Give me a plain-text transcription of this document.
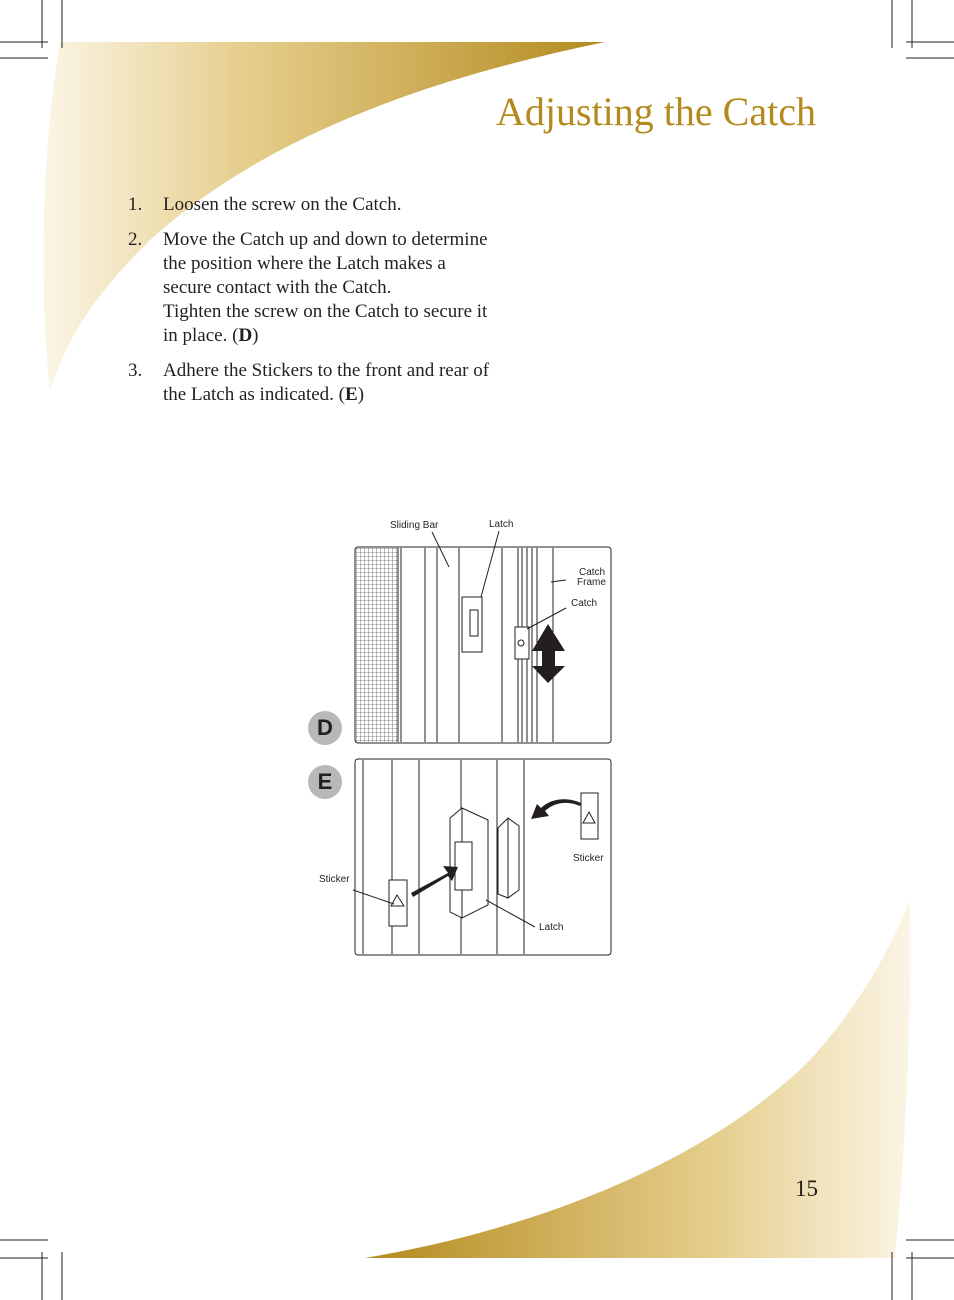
Adjusting the Catch
1. Loosen the screw on the Catch.
2. Move the Catch up and down to determine
the position where the Latch makes a
secure contact with the Catch.
Tighten the screw on the Catch to secure it
in place. (D)
3. Adhere the Stickers to the front and rear of
the Latch as indicated. (E)
D
E
Sliding Bar	Latch
Catch
Frame
Catch
Sticker
Sticker
Latch

15
